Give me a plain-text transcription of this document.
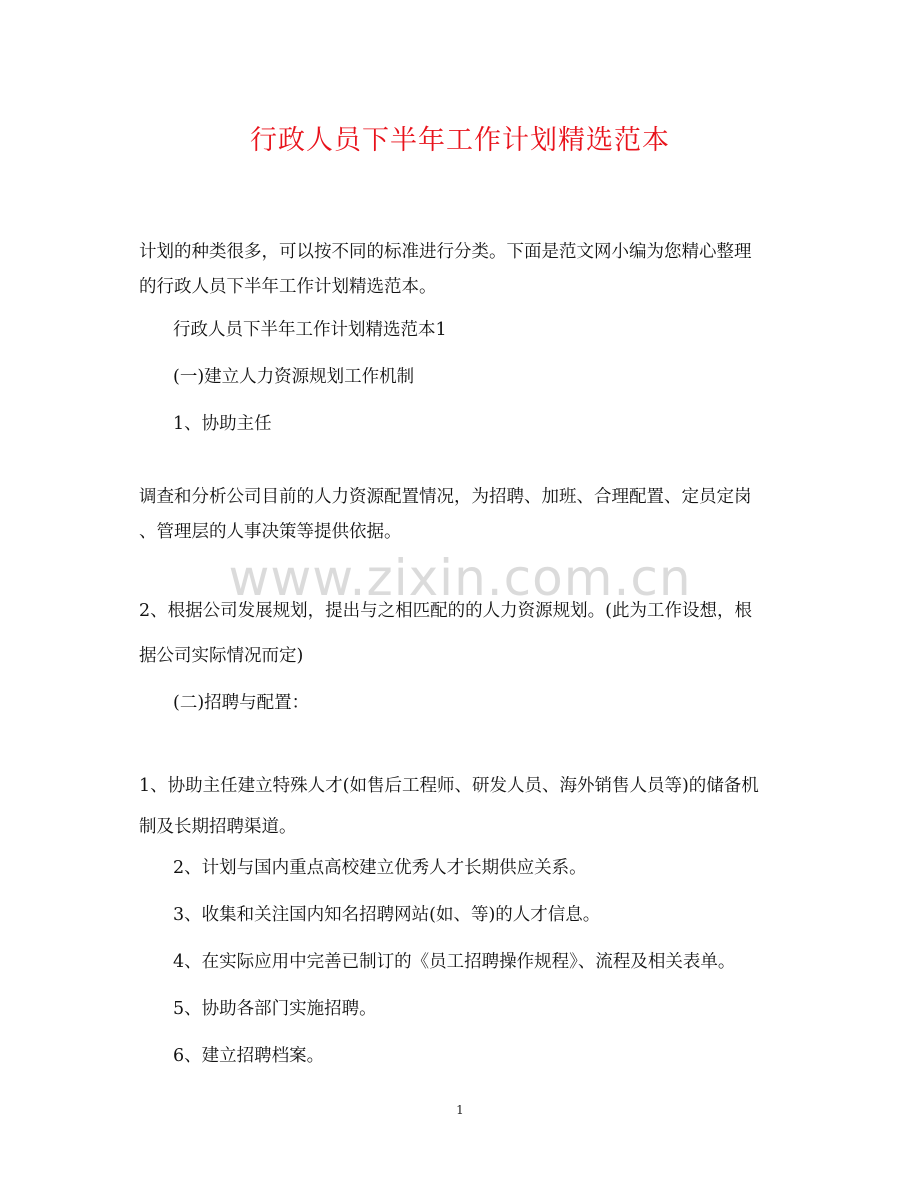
行政人员下半年工作计划精选范本

计划的种类很多，可以按不同的标准进行分类。下面是范文网小编为您精心整理

的行政人员下半年工作计划精选范本。

行政人员下半年工作计划精选范本1

(一)建立人力资源规划工作机制

1、协助主任

调查和分析公司目前的人力资源配置情况，为招聘、加班、合理配置、定员定岗

、管理层的人事决策等提供依据。

2、根据公司发展规划，提出与之相匹配的的人力资源规划。(此为工作设想，根

据公司实际情况而定)

(二)招聘与配置：

1、协助主任建立特殊人才(如售后工程师、研发人员、海外销售人员等)的储备机

制及长期招聘渠道。

2、计划与国内重点高校建立优秀人才长期供应关系。

3、收集和关注国内知名招聘网站(如、等)的人才信息。

4、在实际应用中完善已制订的《员工招聘操作规程》、流程及相关表单。

5、协助各部门实施招聘。

6、建立招聘档案。

www.zixin.com.cn
1
